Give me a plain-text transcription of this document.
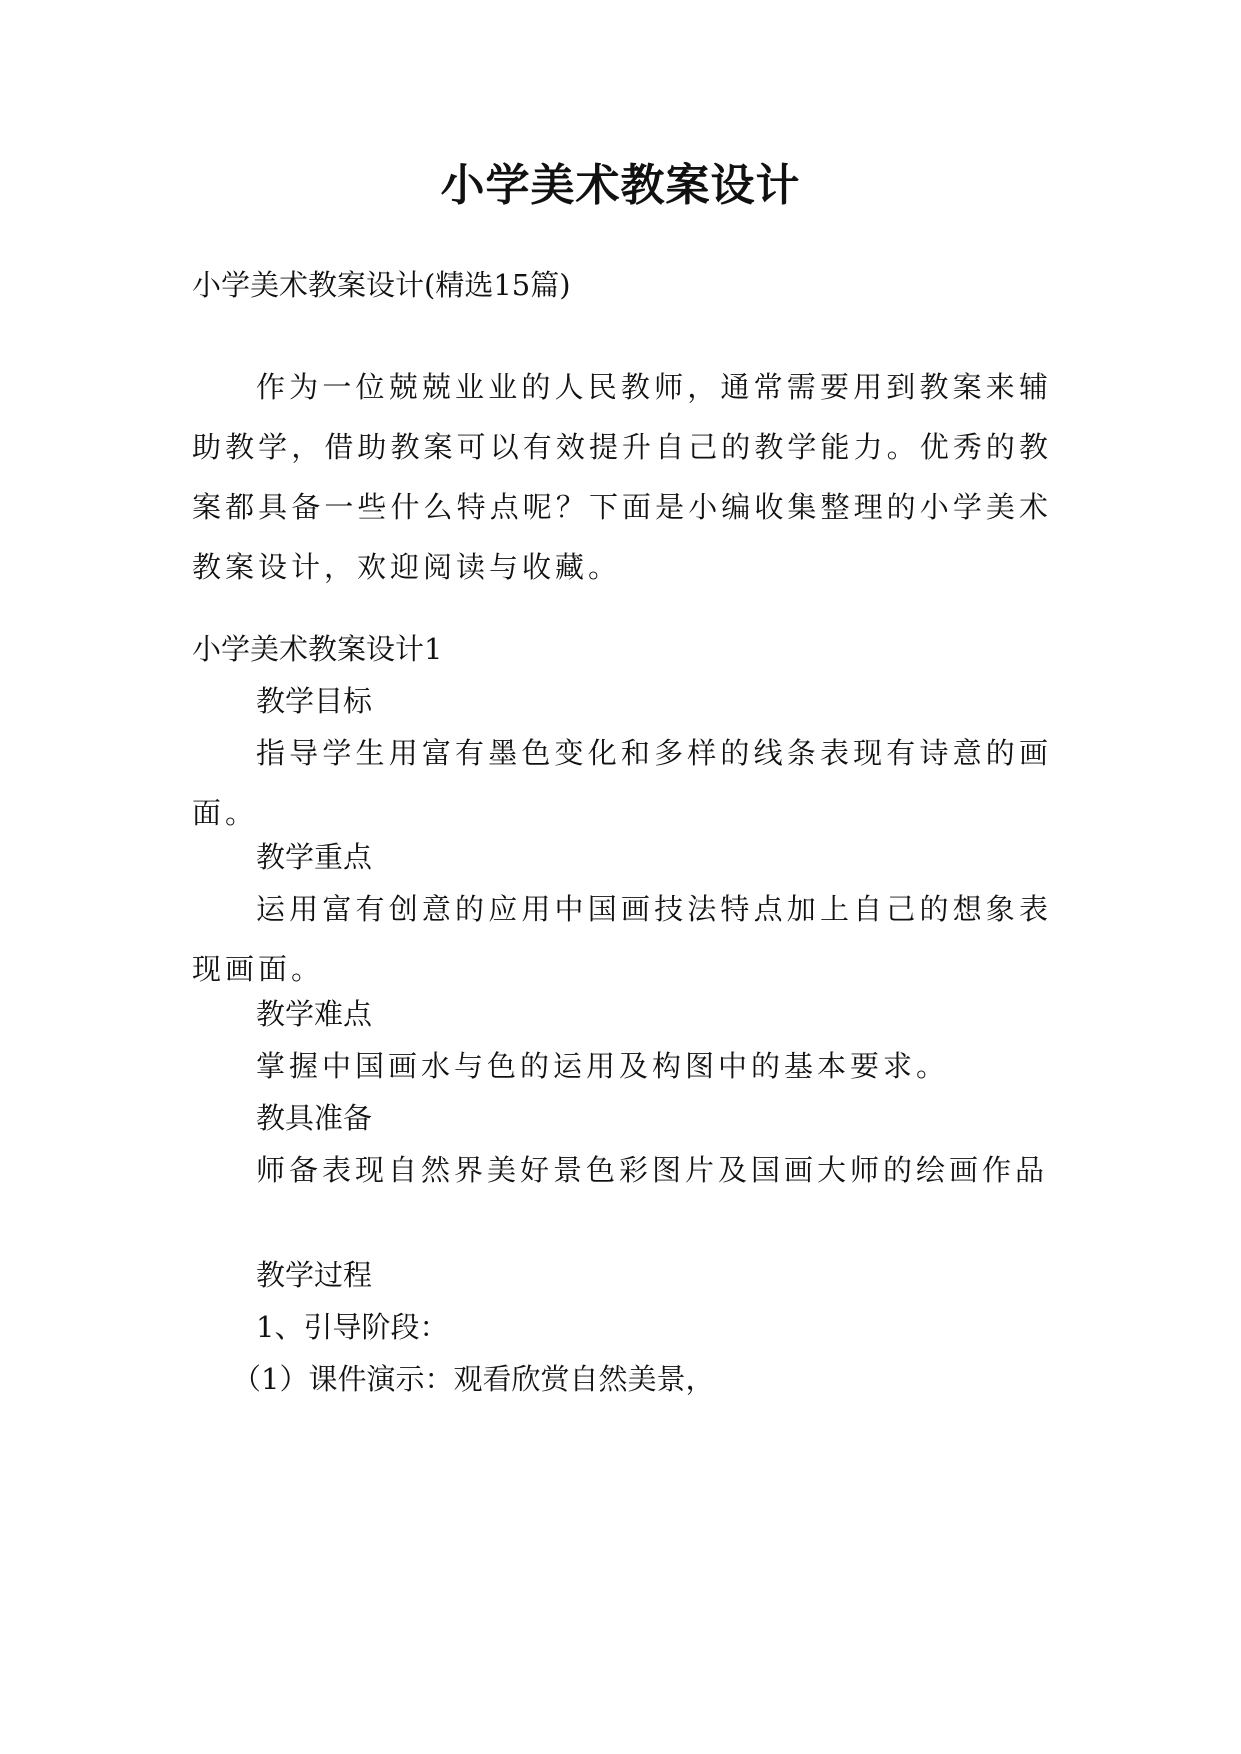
小学美术教案设计

小学美术教案设计(精选15篇)

作为一位兢兢业业的人民教师，通常需要用到教案来辅助教学，借助教案可以有效提升自己的教学能力。优秀的教案都具备一些什么特点呢？下面是小编收集整理的小学美术教案设计，欢迎阅读与收藏。

小学美术教案设计1

教学目标

指导学生用富有墨色变化和多样的线条表现有诗意的画面。

教学重点

运用富有创意的应用中国画技法特点加上自己的想象表现画面。

教学难点

掌握中国画水与色的运用及构图中的基本要求。

教具准备

师备表现自然界美好景色彩图片及国画大师的绘画作品

教学过程

1、引导阶段：

（1）课件演示：观看欣赏自然美景，
